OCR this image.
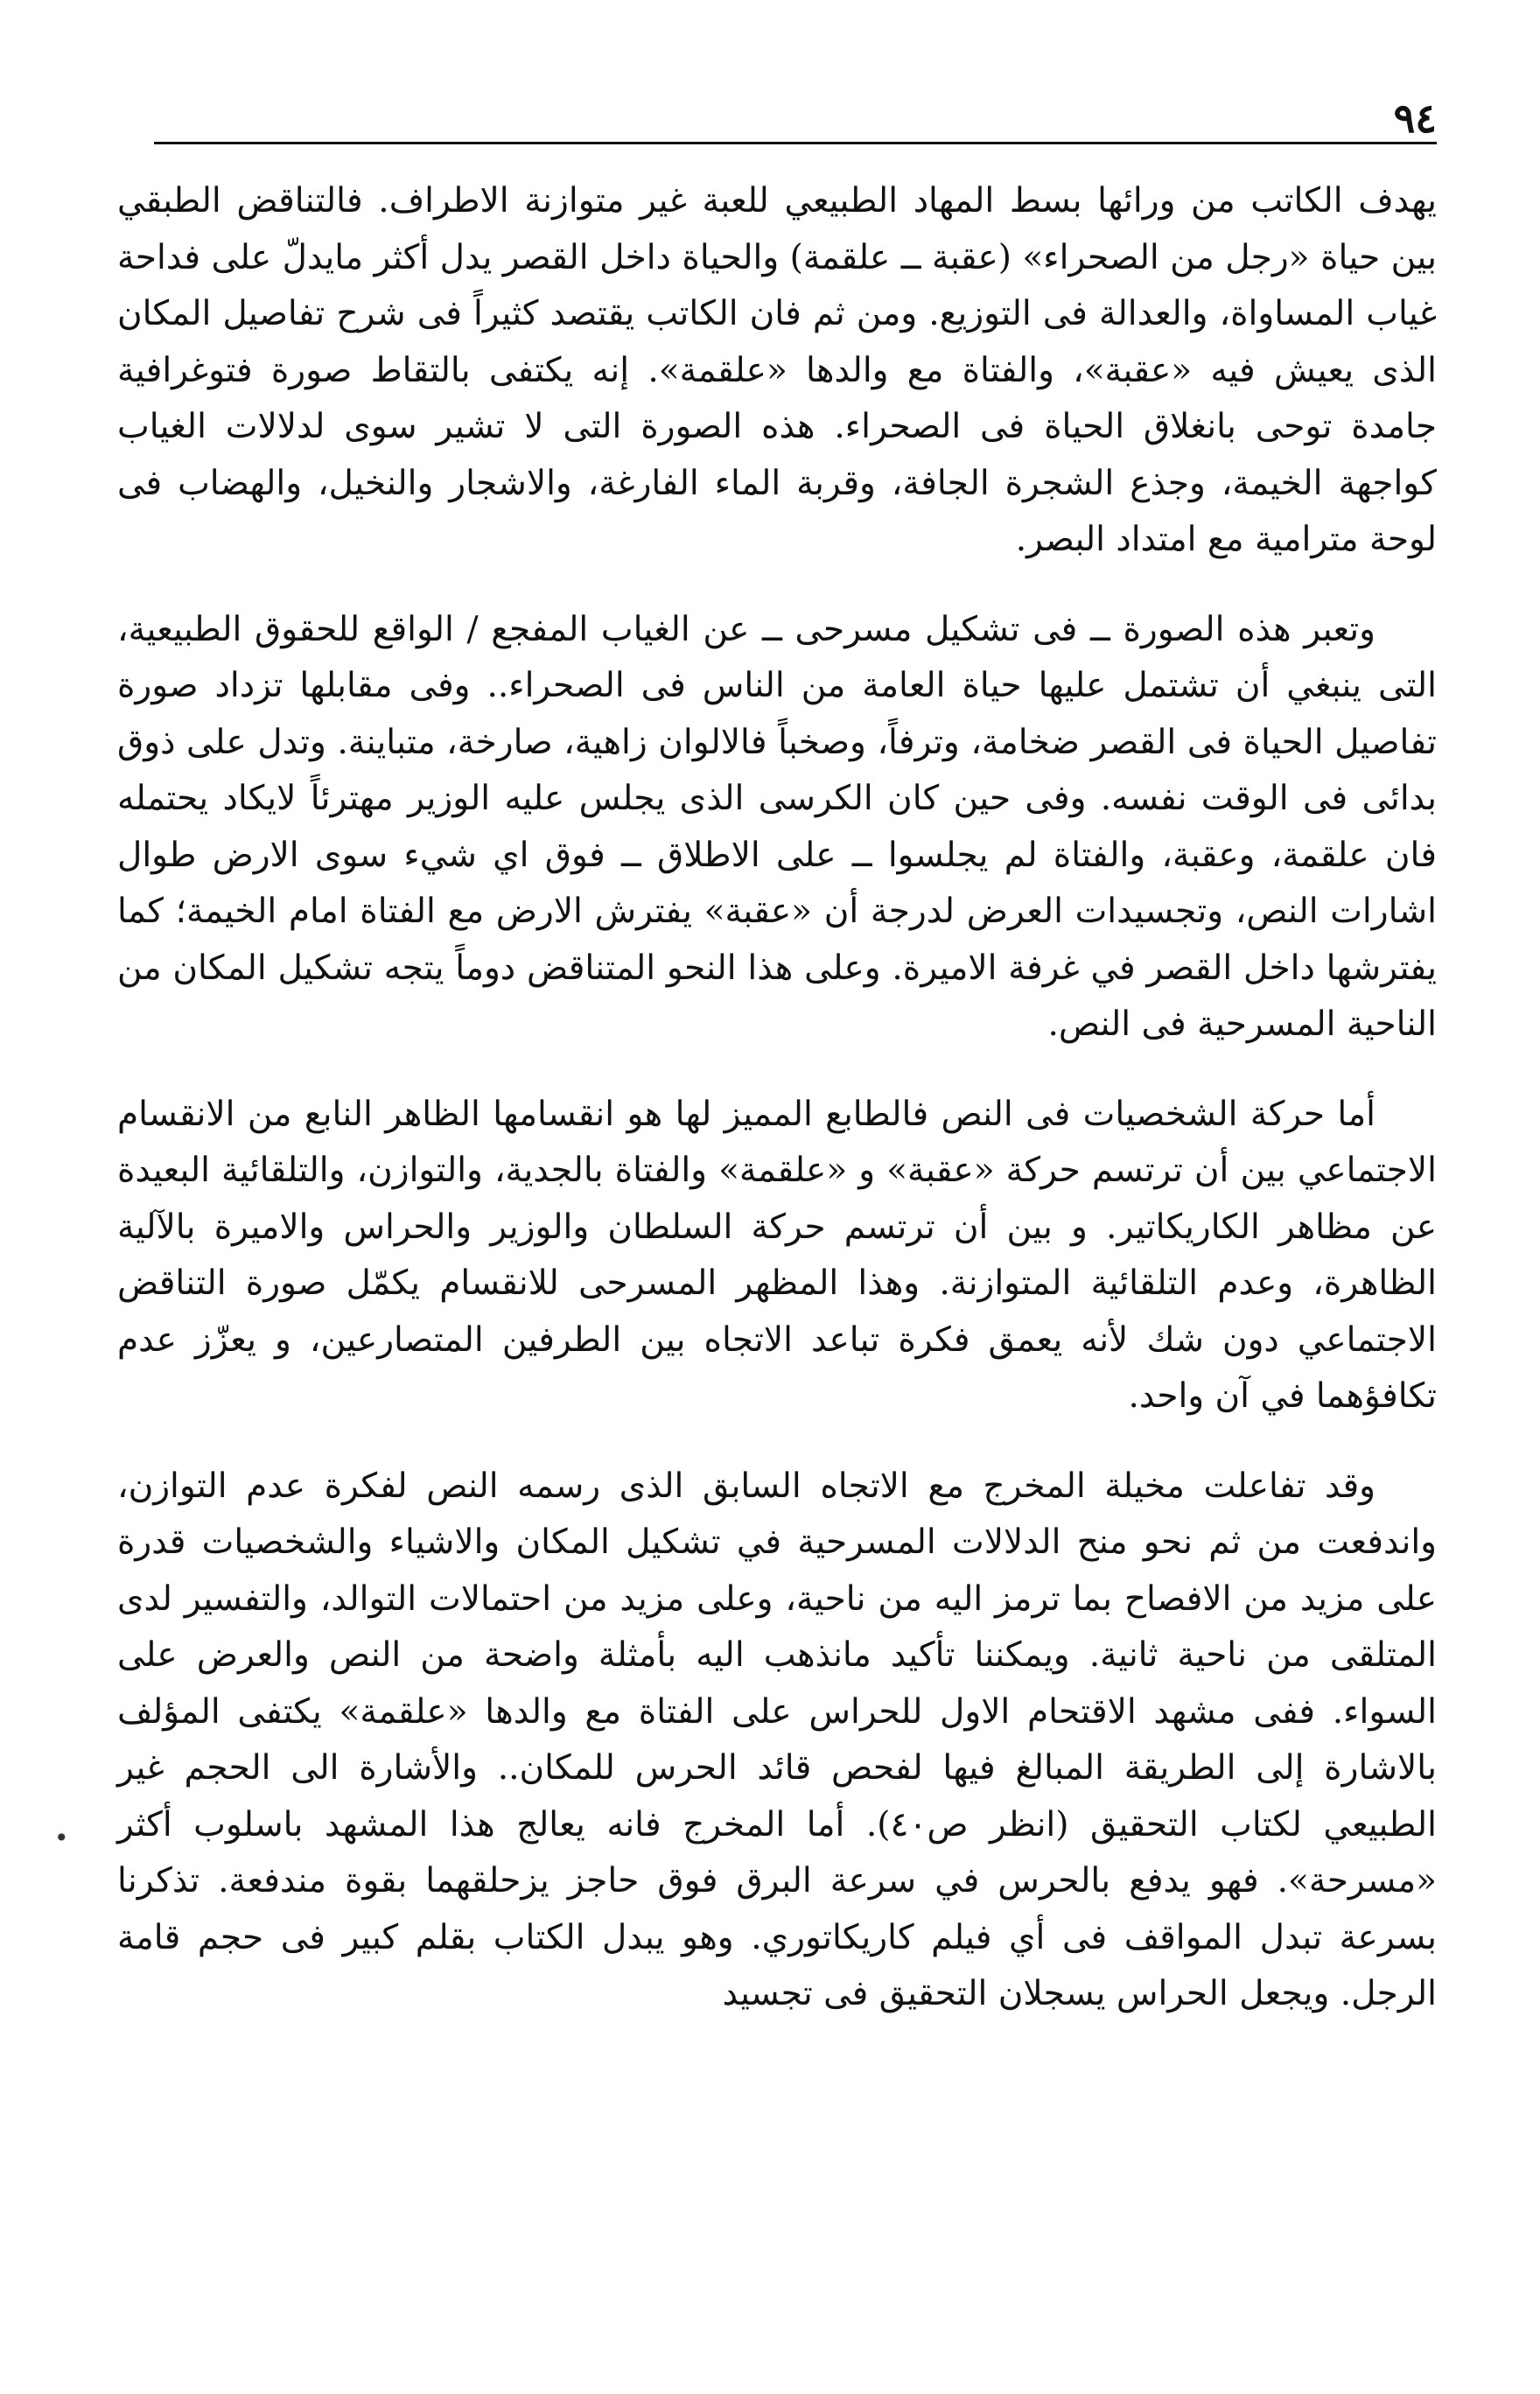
٩٤

يهدف الكاتب من ورائها بسط المهاد الطبيعي للعبة غير متوازنة الاطراف. فالتناقض الطبقي بين حياة «رجل من الصحراء» (عقبة ــ علقمة) والحياة داخل القصر يدل أكثر مايدلّ على فداحة غياب المساواة، والعدالة فى التوزيع. ومن ثم فان الكاتب يقتصد كثيراً فى شرح تفاصيل المكان الذى يعيش فيه «عقبة»، والفتاة مع والدها «علقمة». إنه يكتفى بالتقاط صورة فتوغرافية جامدة توحى بانغلاق الحياة فى الصحراء. هذه الصورة التى لا تشير سوى لدلالات الغياب كواجهة الخيمة، وجذع الشجرة الجافة، وقربة الماء الفارغة، والاشجار والنخيل، والهضاب فى لوحة مترامية مع امتداد البصر.

وتعبر هذه الصورة ــ فى تشكيل مسرحى ــ عن الغياب المفجع / الواقع للحقوق الطبيعية، التى ينبغي أن تشتمل عليها حياة العامة من الناس فى الصحراء.. وفى مقابلها تزداد صورة تفاصيل الحياة فى القصر ضخامة، وترفاً، وصخباً فالالوان زاهية، صارخة، متباينة. وتدل على ذوق بدائى فى الوقت نفسه. وفى حين كان الكرسى الذى يجلس عليه الوزير مهترئاً لايكاد يحتمله فان علقمة، وعقبة، والفتاة لم يجلسوا ــ على الاطلاق ــ فوق اي شيء سوى الارض طوال اشارات النص، وتجسيدات العرض لدرجة أن «عقبة» يفترش الارض مع الفتاة امام الخيمة؛ كما يفترشها داخل القصر في غرفة الاميرة. وعلى هذا النحو المتناقض دوماً يتجه تشكيل المكان من الناحية المسرحية فى النص.

أما حركة الشخصيات فى النص فالطابع المميز لها هو انقسامها الظاهر النابع من الانقسام الاجتماعي بين أن ترتسم حركة «عقبة» و «علقمة» والفتاة بالجدية، والتوازن، والتلقائية البعيدة عن مظاهر الكاريكاتير. و بين أن ترتسم حركة السلطان والوزير والحراس والاميرة بالآلية الظاهرة، وعدم التلقائية المتوازنة. وهذا المظهر المسرحى للانقسام يكمّل صورة التناقض الاجتماعي دون شك لأنه يعمق فكرة تباعد الاتجاه بين الطرفين المتصارعين، و يعزّز عدم تكافؤهما في آن واحد.

وقد تفاعلت مخيلة المخرج مع الاتجاه السابق الذى رسمه النص لفكرة عدم التوازن، واندفعت من ثم نحو منح الدلالات المسرحية في تشكيل المكان والاشياء والشخصيات قدرة على مزيد من الافصاح بما ترمز اليه من ناحية، وعلى مزيد من احتمالات التوالد، والتفسير لدى المتلقى من ناحية ثانية. ويمكننا تأكيد مانذهب اليه بأمثلة واضحة من النص والعرض على السواء. ففى مشهد الاقتحام الاول للحراس على الفتاة مع والدها «علقمة» يكتفى المؤلف بالاشارة إلى الطريقة المبالغ فيها لفحص قائد الحرس للمكان.. والأشارة الى الحجم غير الطبيعي لكتاب التحقيق (انظر ص٤٠). أما المخرج فانه يعالج هذا المشهد باسلوب أكثر «مسرحة». فهو يدفع بالحرس في سرعة البرق فوق حاجز يزحلقهما بقوة مندفعة. تذكرنا بسرعة تبدل المواقف فى أي فيلم كاريكاتوري. وهو يبدل الكتاب بقلم كبير فى حجم قامة الرجل. ويجعل الحراس يسجلان التحقيق فى تجسيد

•
